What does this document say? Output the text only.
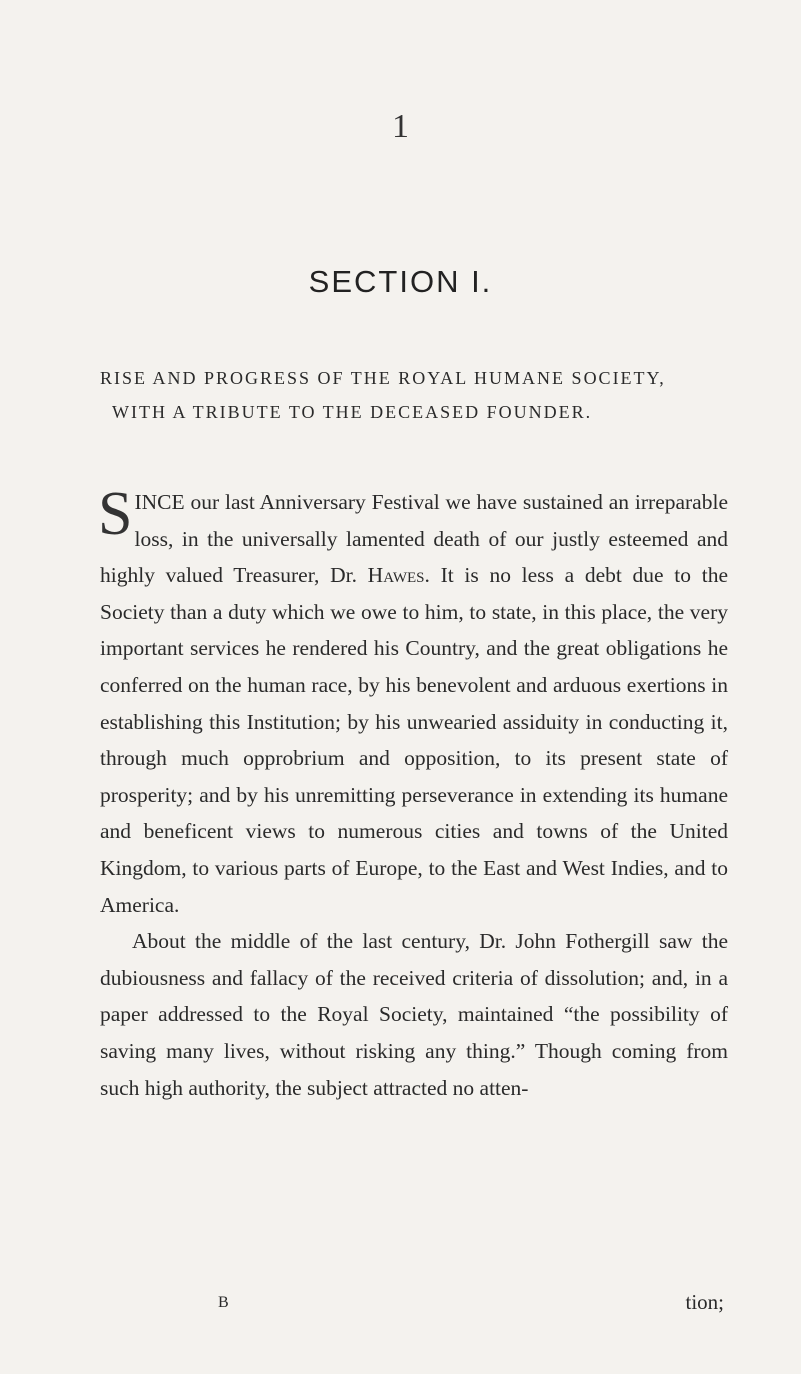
1
SECTION I.
RISE AND PROGRESS OF THE ROYAL HUMANE SOCIETY,
WITH A TRIBUTE TO THE DECEASED FOUNDER.

SINCE our last Anniversary Festival we have sustained an irreparable loss, in the universally lamented death of our justly esteemed and highly valued Treasurer, Dr. Hawes. It is no less a debt due to the Society than a duty which we owe to him, to state, in this place, the very important services he rendered his Country, and the great obligations he conferred on the human race, by his benevolent and arduous exertions in establishing this Institution; by his unwearied assiduity in conducting it, through much opprobrium and opposition, to its present state of prosperity; and by his unremitting perseverance in extending its humane and beneficent views to numerous cities and towns of the United Kingdom, to various parts of Europe, to the East and West Indies, and to America.

About the middle of the last century, Dr. John Fothergill saw the dubiousness and fallacy of the received criteria of dissolution; and, in a paper addressed to the Royal Society, maintained “the possibility of saving many lives, without risking any thing.” Though coming from such high authority, the subject attracted no atten-

B	tion;
